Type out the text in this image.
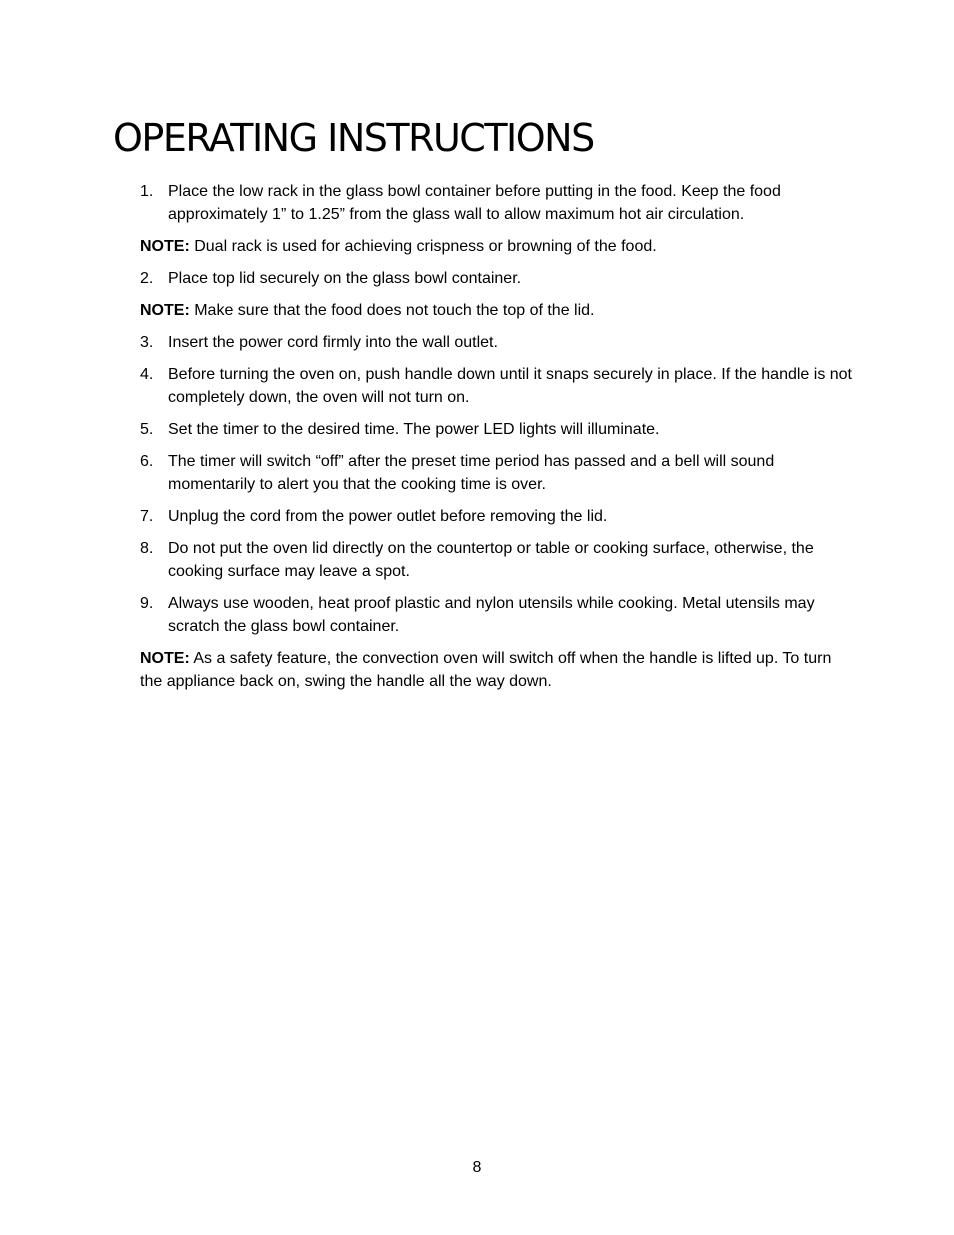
OPERATING INSTRUCTIONS
1. Place the low rack in the glass bowl container before putting in the food. Keep the food approximately 1” to 1.25” from the glass wall to allow maximum hot air circulation.
NOTE: Dual rack is used for achieving crispness or browning of the food.
2. Place top lid securely on the glass bowl container.
NOTE: Make sure that the food does not touch the top of the lid.
3. Insert the power cord firmly into the wall outlet.
4. Before turning the oven on, push handle down until it snaps securely in place. If the handle is not completely down, the oven will not turn on.
5. Set the timer to the desired time. The power LED lights will illuminate.
6. The timer will switch “off” after the preset time period has passed and a bell will sound momentarily to alert you that the cooking time is over.
7. Unplug the cord from the power outlet before removing the lid.
8. Do not put the oven lid directly on the countertop or table or cooking surface, otherwise, the cooking surface may leave a spot.
9. Always use wooden, heat proof plastic and nylon utensils while cooking. Metal utensils may scratch the glass bowl container.
NOTE: As a safety feature, the convection oven will switch off when the handle is lifted up. To turn the appliance back on, swing the handle all the way down.
8
